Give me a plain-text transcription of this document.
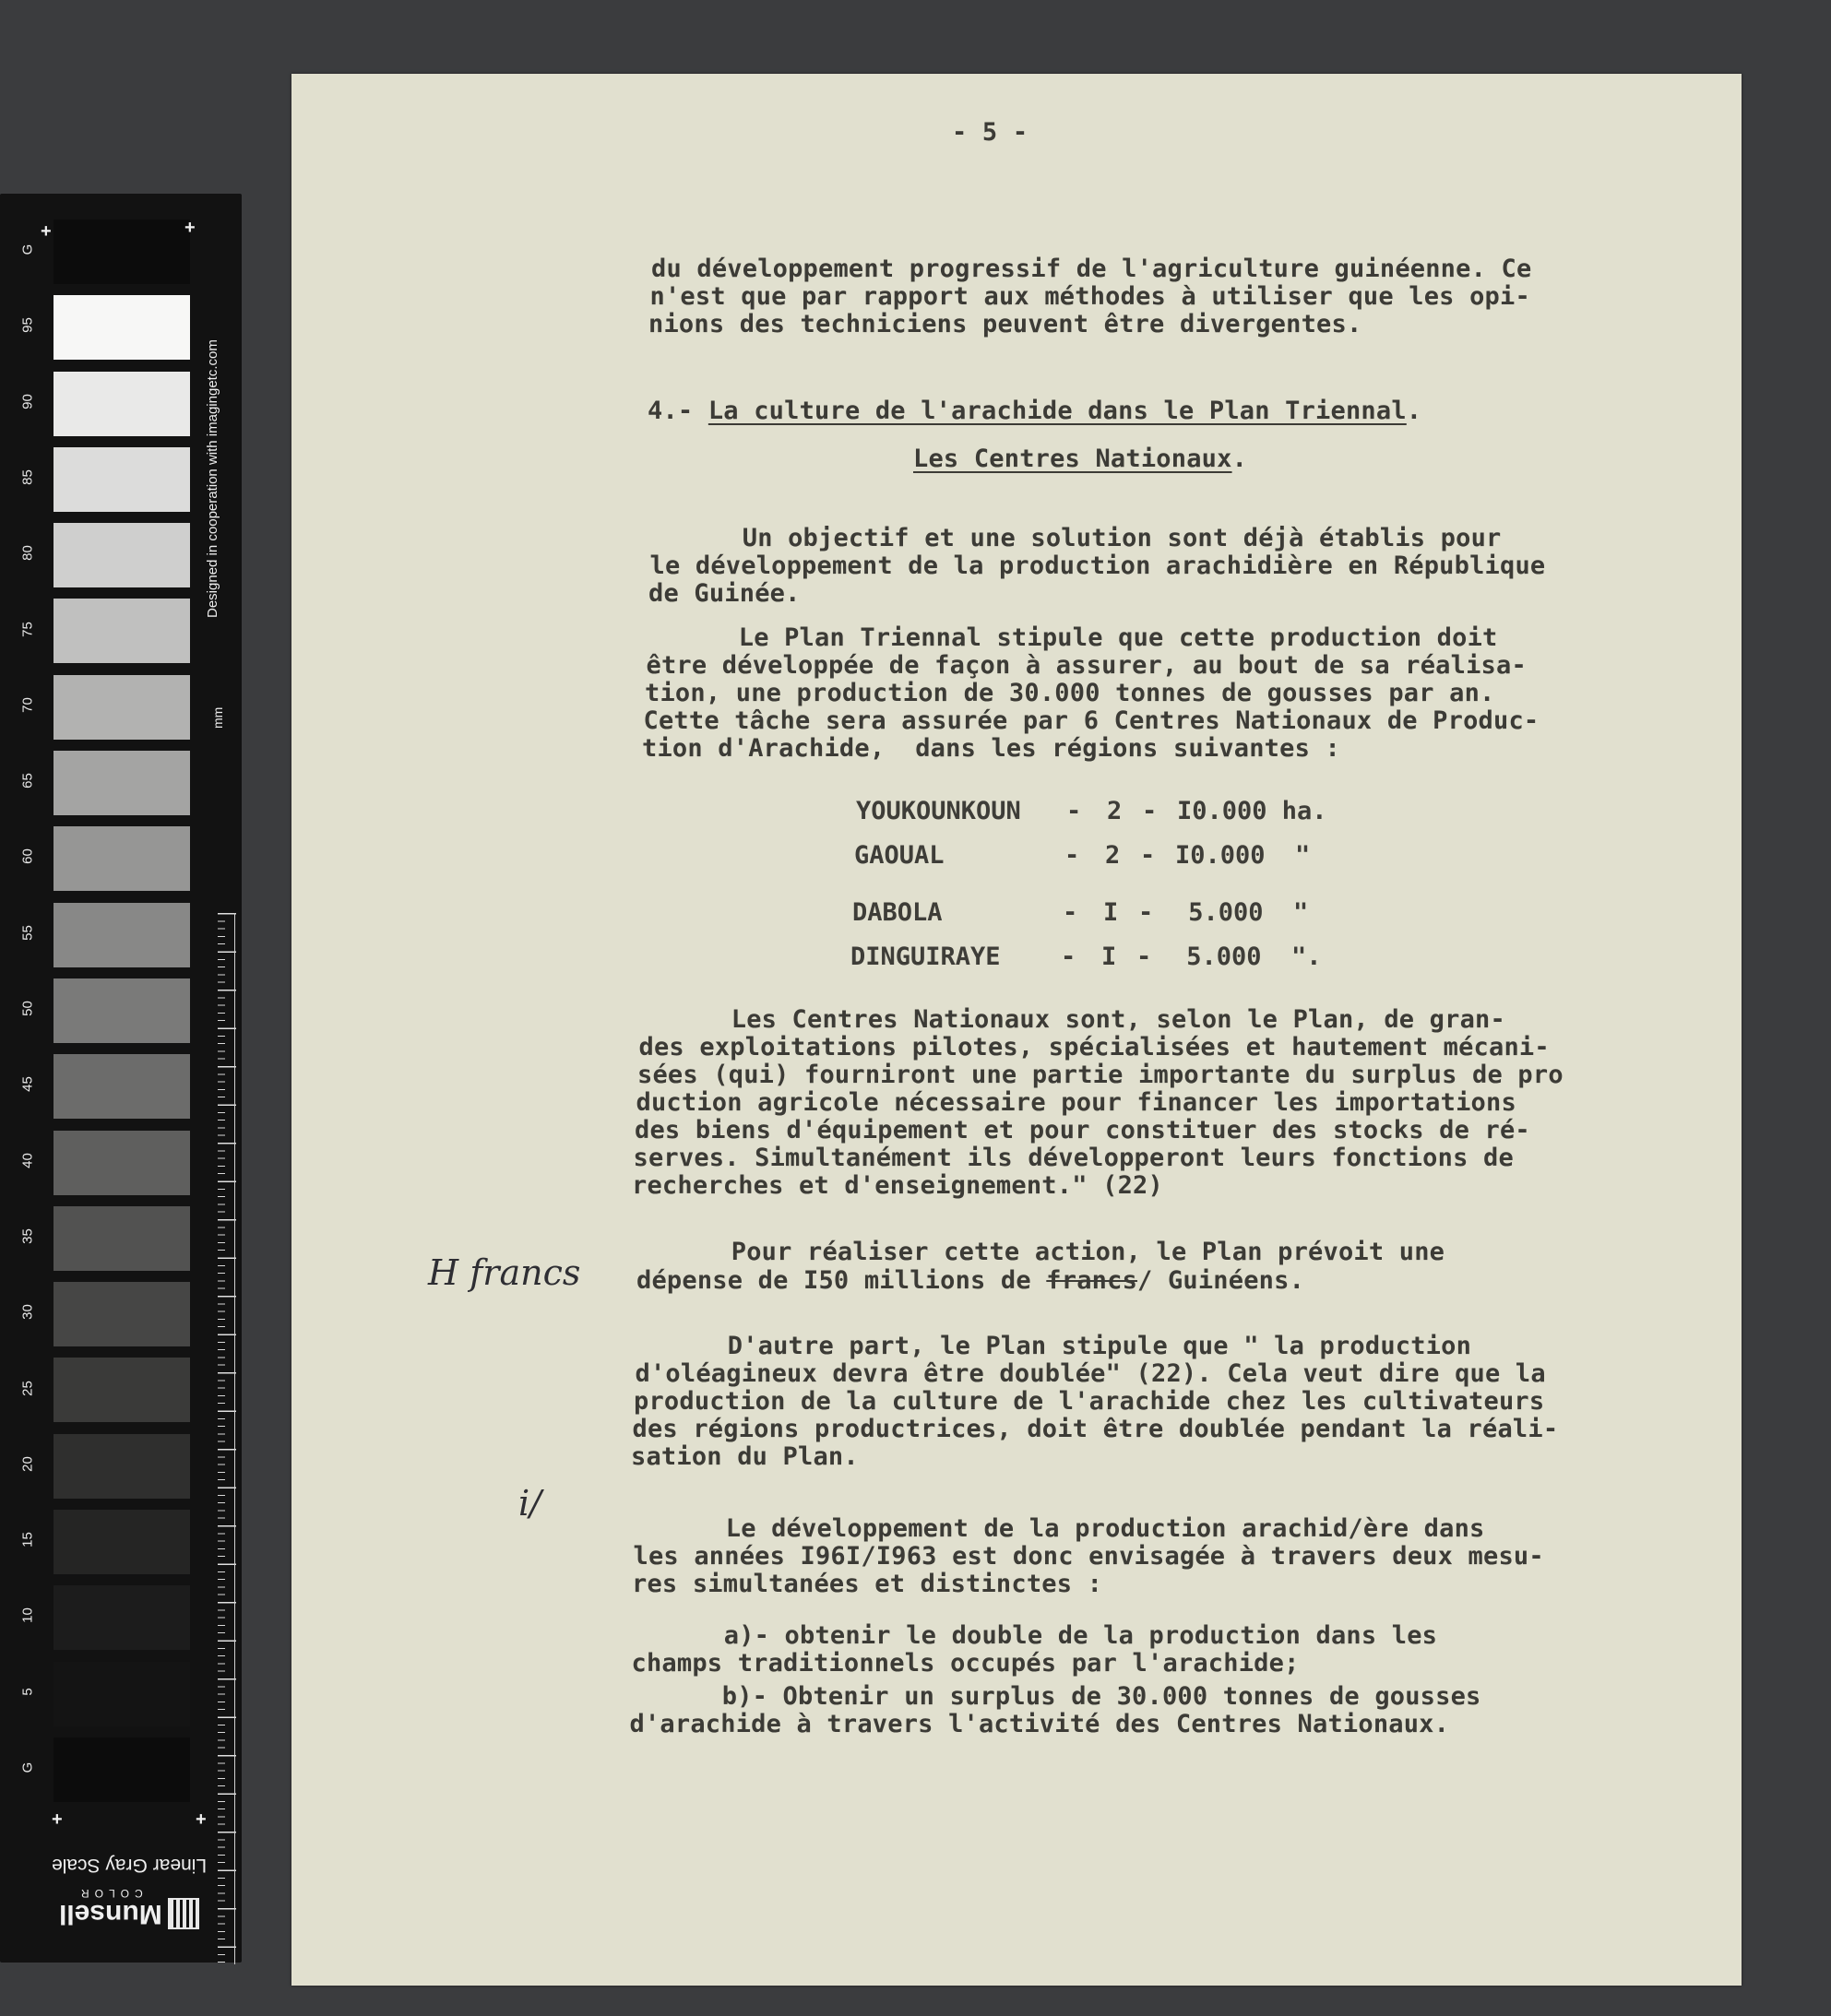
G
95
90
85
80
75
70
65
60
55
50
45
40
35
30
25
20
15
10
5
G
+	+
+	+
Designed in cooperation with imagingetc.com
mm
Linear Gray Scale
Munsell
COLOR
- 5 -
du développement progressif de l'agriculture guinéenne. Ce
n'est que par rapport aux méthodes à utiliser que les opi-
nions des techniciens peuvent être divergentes.
4.- La culture de l'arachide dans le Plan Triennal.
Les Centres Nationaux.
Un objectif et une solution sont déjà établis pour
le développement de la production arachidière en République
de Guinée.
Le Plan Triennal stipule que cette production doit
être développée de façon à assurer, au bout de sa réalisa-
tion, une production de 30.000 tonnes de gousses par an.
Cette tâche sera assurée par 6 Centres Nationaux de Produc-
tion d'Arachide,  dans les régions suivantes :
YOUKOUNKOUN - 2 - I0.000 ha.
GAOUAL	- 2 - I0.000  "
DABOLA	- I - 5.000  "
DINGUIRAYE - I - 5.000  ".
Les Centres Nationaux sont, selon le Plan, de gran-
des exploitations pilotes, spécialisées et hautement mécani-
sées (qui) fourniront une partie importante du surplus de pro
duction agricole nécessaire pour financer les importations
des biens d'équipement et pour constituer des stocks de ré-
serves. Simultanément ils développeront leurs fonctions de
recherches et d'enseignement." (22)
Pour réaliser cette action, le Plan prévoit une
dépense de I50 millions de francs/ Guinéens.
H francs
D'autre part, le Plan stipule que " la production
d'oléagineux devra être doublée" (22). Cela veut dire que la
production de la culture de l'arachide chez les cultivateurs
des régions productrices, doit être doublée pendant la réali-
sation du Plan.
i/
Le développement de la production arachid/ère dans
les années I96I/I963 est donc envisagée à travers deux mesu-
res simultanées et distinctes :
a)- obtenir le double de la production dans les
champs traditionnels occupés par l'arachide;
b)- Obtenir un surplus de 30.000 tonnes de gousses
d'arachide à travers l'activité des Centres Nationaux.
